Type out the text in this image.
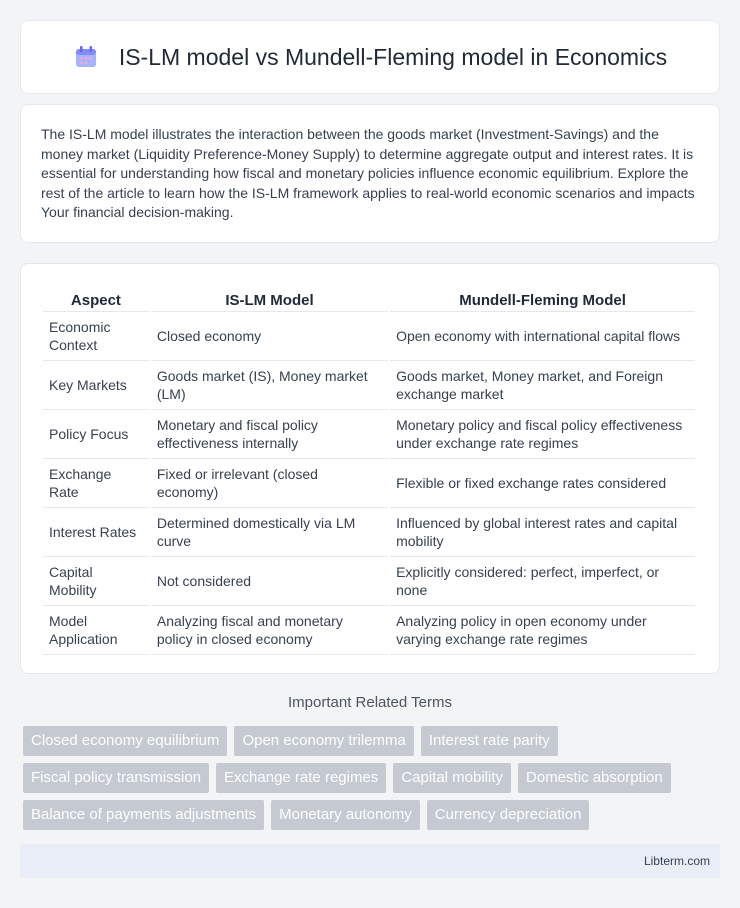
IS-LM model vs Mundell-Fleming model in Economics

The IS-LM model illustrates the interaction between the goods market (Investment-Savings) and the money market (Liquidity Preference-Money Supply) to determine aggregate output and interest rates. It is essential for understanding how fiscal and monetary policies influence economic equilibrium. Explore the rest of the article to learn how the IS-LM framework applies to real-world economic scenarios and impacts Your financial decision-making.

Aspect	IS-LM Model	Mundell-Fleming Model
Economic Context	Closed economy	Open economy with international capital flows
Key Markets	Goods market (IS), Money market (LM)	Goods market, Money market, and Foreign exchange market
Policy Focus	Monetary and fiscal policy effectiveness internally	Monetary policy and fiscal policy effectiveness under exchange rate regimes
Exchange Rate	Fixed or irrelevant (closed economy)	Flexible or fixed exchange rates considered
Interest Rates	Determined domestically via LM curve	Influenced by global interest rates and capital mobility
Capital Mobility	Not considered	Explicitly considered: perfect, imperfect, or none
Model Application	Analyzing fiscal and monetary policy in closed economy	Analyzing policy in open economy under varying exchange rate regimes
Important Related Terms
Closed economy equilibrium	Open economy trilemma	Interest rate parity
Fiscal policy transmission	Exchange rate regimes	Capital mobility	Domestic absorption
Balance of payments adjustments	Monetary autonomy	Currency depreciation
Libterm.com
